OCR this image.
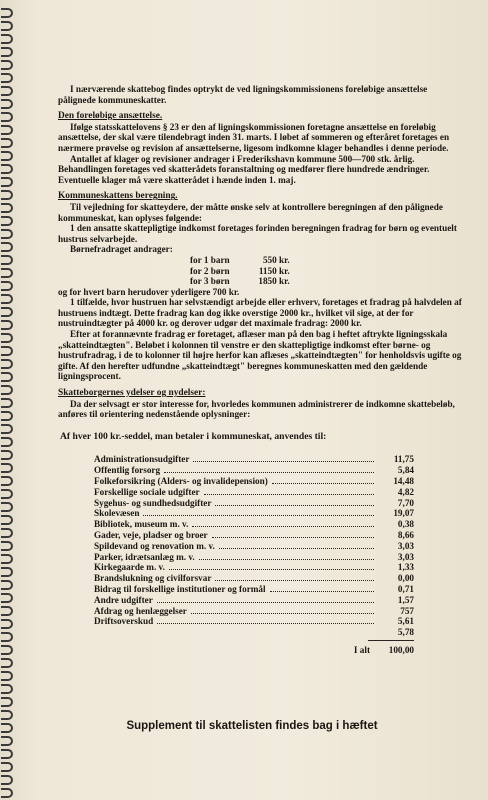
I nærværende skattebog findes optrykt de ved ligningskommissionens foreløbige ansættelse pålignede kommuneskatter.

Den foreløbige ansættelse.

Ifølge statsskattelovens § 23 er den af ligningskommissionen foretagne ansættelse en foreløbig ansættelse, der skal være tilendebragt inden 31. marts. I løbet af sommeren og efteråret foretages en nærmere prøvelse og revision af ansættelserne, ligesom indkomne klager behandles i denne periode.

Antallet af klager og revisioner andrager i Frederikshavn kommune 500—700 stk. årlig. Behandlingen foretages ved skatterådets foranstaltning og medfører flere hundrede ændringer. Eventuelle klager må være skatterådet i hænde inden 1. maj.

Kommuneskattens beregning.

Til vejledning for skatteydere, der måtte ønske selv at kontrollere beregningen af den pålignede kommuneskat, kan oplyses følgende:

1 den ansatte skattepligtige indkomst foretages forinden beregningen fradrag for børn og eventuelt hustrus selvarbejde.

Børnefradraget andrager:

for 1 barn	550 kr.
for 2 børn	1150 kr.
for 3 børn	1850 kr.

og for hvert barn herudover yderligere 700 kr.

1 tilfælde, hvor hustruen har selvstændigt arbejde eller erhverv, foretages et fradrag på halvdelen af hustruens indtægt. Dette fradrag kan dog ikke overstige 2000 kr., hvilket vil sige, at der for nustruindtægter på 4000 kr. og derover udgør det maximale fradrag: 2000 kr.

Efter at forannævnte fradrag er foretaget, aflæser man på den bag i heftet aftrykte ligningsskala „skatteindtægten". Beløbet i kolonnen til venstre er den skattepligtige indkomst efter børne- og hustrufradrag, i de to kolonner til højre herfor kan aflæses „skatteindtægten" for henholdsvis ugifte og gifte. Af den herefter udfundne „skatteindtægt" beregnes kommuneskatten med den gældende ligningsprocent.

Skatteborgernes ydelser og nydelser:

Da der selvsagt er stor interesse for, hvorledes kommunen administrerer de indkomne skattebeløb, anføres til orientering nedenstående oplysninger:

Af hver 100 kr.-seddel, man betaler i kommuneskat, anvendes til:

Administrationsudgifter	11,75
Offentlig forsorg	5,84
Folkeforsikring (Alders- og invalidepension)	14,48
Forskellige sociale udgifter	4,82
Sygehus- og sundhedsudgifter	7,70
Skolevæsen	19,07
Bibliotek, museum m. v.	0,38
Gader, veje, pladser og broer	8,66
Spildevand og renovation m. v.	3,03
Parker, idrætsanlæg m. v.	3,03
Kirkegaarde m. v.	1,33
Brandslukning og civilforsvar	0,00
Bidrag til forskellige institutioner og formål	0,71
Andre udgifter	1,57
Afdrag og henlæggelser	757
Driftsoverskud	5,61
5,78
I alt	100,00
Supplement til skattelisten findes bag i hæftet
